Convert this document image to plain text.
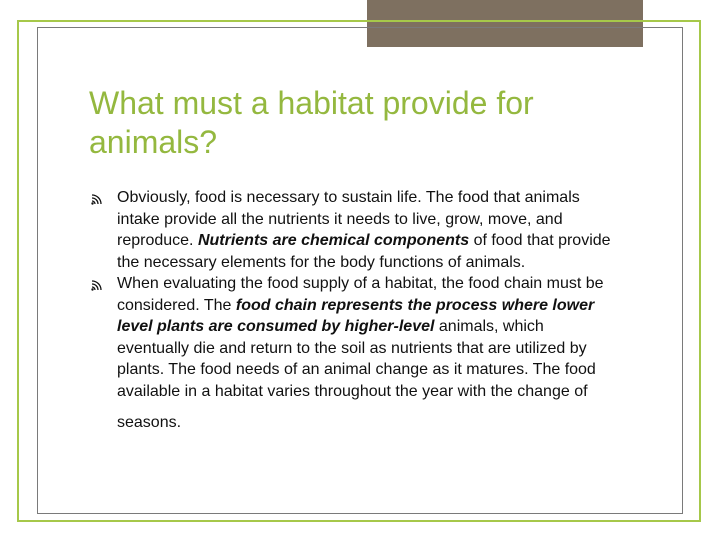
What must a habitat provide for animals?
Obviously, food is necessary to sustain life. The food that animals intake provide all the nutrients it needs to live, grow, move, and reproduce. Nutrients are chemical components of food that provide the necessary elements for the body functions of animals.
When evaluating the food supply of a habitat, the food chain must be considered. The food chain represents the process where lower level plants are consumed by higher-level animals, which eventually die and return to the soil as nutrients that are utilized by plants. The food needs of an animal change as it matures. The food available in a habitat varies throughout the year with the change of
seasons.
